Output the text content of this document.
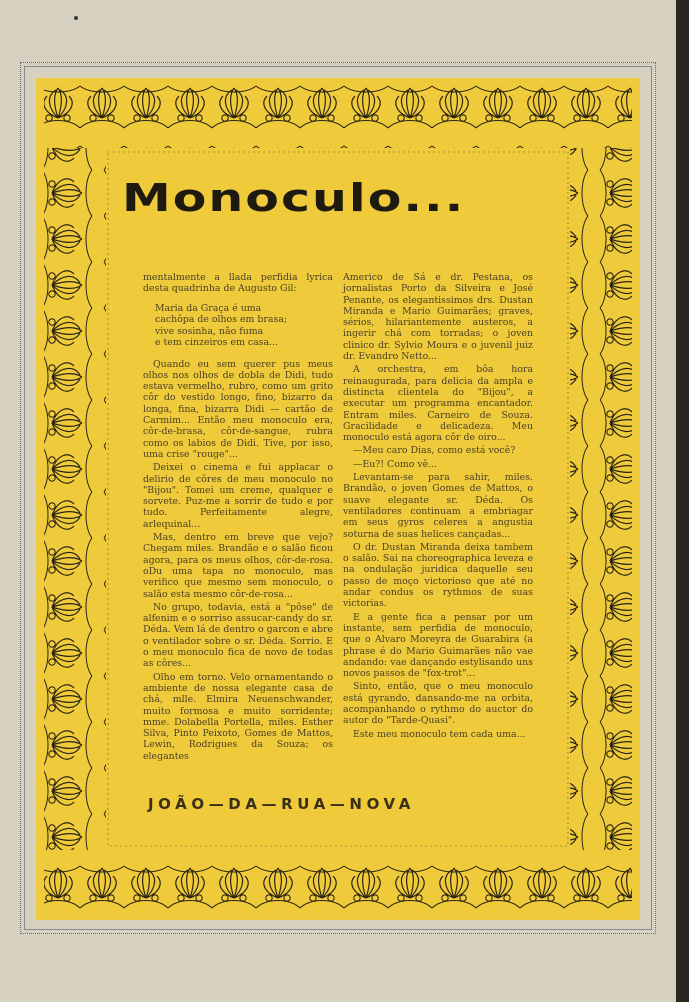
Monoculo...

mentalmente a llada perfidia lyrica desta quadrinha de Augusto Gil:

Maria da Graça é uma
cachôpa de olhos em brasa;
vive sosinha, não fuma
e tem cinzeiros em casa...

Quando eu sem querer pus meus olhos nos olhos de dobla de Didi, tudo estava vermelho, rubro, como um grito côr do vestido longo, fino, bizarro da longa, fina, bizarra Didi — cartão de Carmim... Então meu monoculo era, côr-de-brasa, côr-de-sangue, rubra como os labios de Didi. Tive, por isso, uma crise "rouge"...

Deixei o cinema e fui applacar o delirio de côres de meu monoculo no "Bijou". Tomei um creme, qualquer e sorvete. Puz-me a sorrir de tudo e por tudo. Perfeitamente alegre, arlequinal...

Mas, dentro em breve que vejo? Chegam miles. Brandão e o salão ficou agora, para os meus olhos, côr-de-rosa. oDu uma tapa no monoculo, mas verifico que mesmo sem monoculo, o salão esta mesmo côr-de-rosa...

No grupo, todavia, está a "pôse" de alfenim e o sorriso assucar-candy do sr. Déda. Vem lá de dentro o garcon e abre o ventilador sobre o sr. Déda. Sorrio. E o meu monoculo fica de novo de todas as côres...

Olho em torno. Velo ornamentando o ambiente de nossa elegante casa de chá, mlle. Elmira Neuenschwander, muito formosa e muito sorridente; mme. Dolabella Portella, miles. Esther Silva, Pinto Peixoto, Gomes de Mattos, Lewin, Rodrigues da Souza; os elegantes

Americo de Sá e dr. Pestana, os jornalistas Porto da Silveira e José Penante, os elegantissimos drs. Dustan Miranda e Mario Guimarães; graves, sérios, hilariantemente austeros, a ingerir chá com torradas; o joven clinico dr. Sylvio Moura e o juvenil juiz dr. Evandro Netto...

A orchestra, em bôa hora reinaugurada, para delicia da ampla e distincta clientela do "Bijou", a executar um programma encantador. Entram miles. Carneiro de Souza. Gracilidade e delicadeza. Meu monoculo está agora côr de oiro...

—Meu caro Dias, como está você?

—Eu?! Como vê...

Levantam-se para sahir, miles. Brandão, o joven Gomes de Mattos, o suave elegante sr. Déda. Os ventiladores continuam a embriagar em seus gyros celeres a angustia soturna de suas helices cançadas...

O dr. Dustan Miranda deixa tambem o salão. Sai na choreographica leveza e na ondulação juridica daquelle seu passo de moço victorioso que até no andar condus os rythmos de suas victorias.

E a gente fica a pensar por um instante, sem perfidia de monoculo, que o Alvaro Moreyra de Guarabira (a phrase é do Mario Guimarães não vae andando: vae dançando estylisando uns novos passos de "fox-trot"...

Sinto, então, que o meu monoculo está gyrando, dansando-me na orbita, acompanhando o rythmo do auctor do autor do "Tarde-Quasi".

Este meu monoculo tem cada uma...

JOÃO—DA—RUA—NOVA
